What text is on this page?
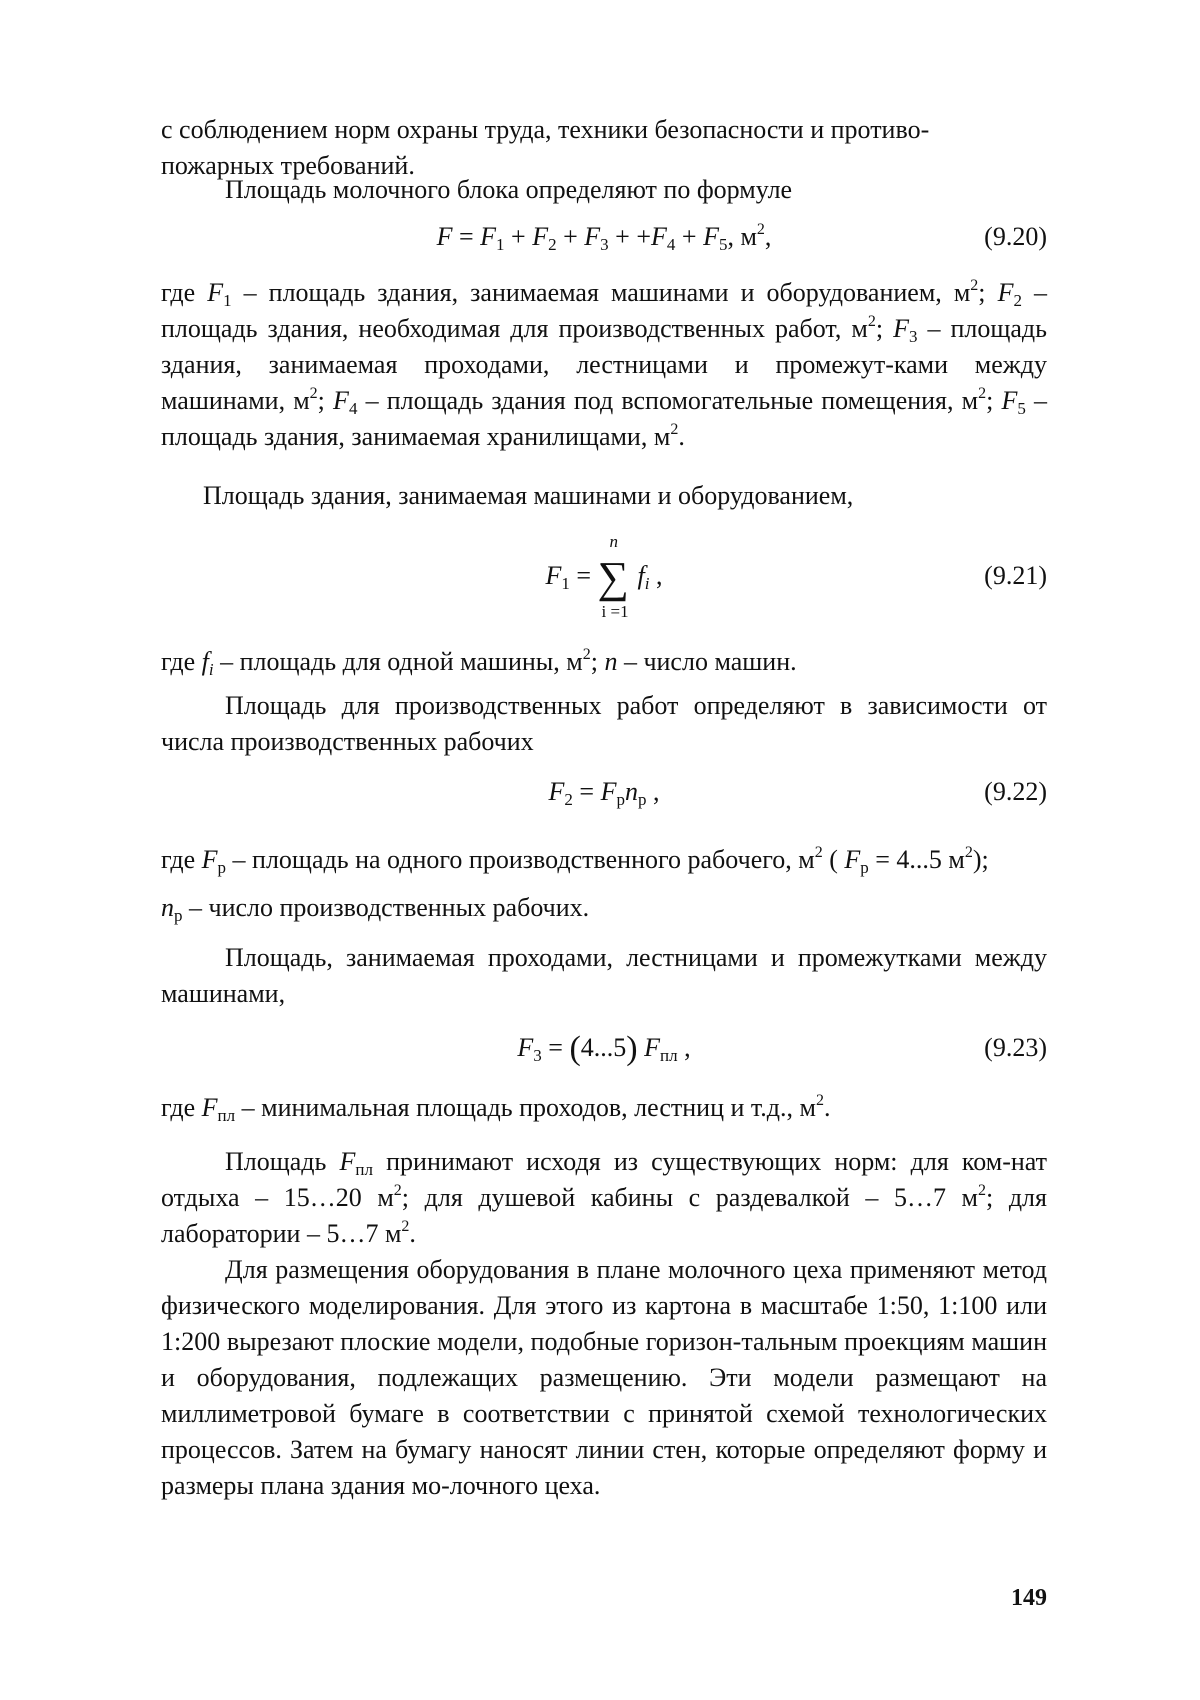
с соблюдением норм охраны труда, техники безопасности и противо-
пожарных требований.

Площадь молочного блока определяют по формуле

$F = F_1 + F_2 + F_3 + +F_4 + F_5$, $м^2$,	(9.20)

где $F_1$ – площадь здания, занимаемая машинами и оборудованием, $м^2$; $F_2$ – площадь здания, необходимая для производственных работ, $м^2$; $F_3$ – площадь здания, занимаемая проходами, лестницами и промежут-ками между машинами, $м^2$; $F_4$ – площадь здания под вспомогательные помещения, $м^2$; $F_5$ – площадь здания, занимаемая хранилищами, $м^2$.

Площадь здания, занимаемая машинами и оборудованием,

$F_1$ =
n
∑
i =1
$f_i$ ,	(9.21)

где $f_i$ – площадь для одной машины, $м^2$; n – число машин.

Площадь для производственных работ определяют в зависимости от числа производственных рабочих

$F_2 = F_рn_р$ ,	(9.22)

где $F_р$ – площадь на одного производственного рабочего, $м^2$ ( $F_р = 4...5$ $м^2$);
$n_р$ – число производственных рабочих.

Площадь, занимаемая проходами, лестницами и промежутками между машинами,

$F_3 = (4...5)$ $F_{пл}$ ,	(9.23)

где $F_{пл}$ – минимальная площадь проходов, лестниц и т.д., $м^2$.

Площадь $F_{пл}$ принимают исходя из существующих норм: для ком-нат отдыха – 15…20 $м^2$; для душевой кабины с раздевалкой – 5…7 $м^2$; для лаборатории – 5…7 $м^2$.

Для размещения оборудования в плане молочного цеха применяют метод физического моделирования. Для этого из картона в масштабе 1:50, 1:100 или 1:200 вырезают плоские модели, подобные горизон-тальным проекциям машин и оборудования, подлежащих размещению. Эти модели размещают на миллиметровой бумаге в соответствии с принятой схемой технологических процессов. Затем на бумагу наносят линии стен, которые определяют форму и размеры плана здания мо-лочного цеха.

149
